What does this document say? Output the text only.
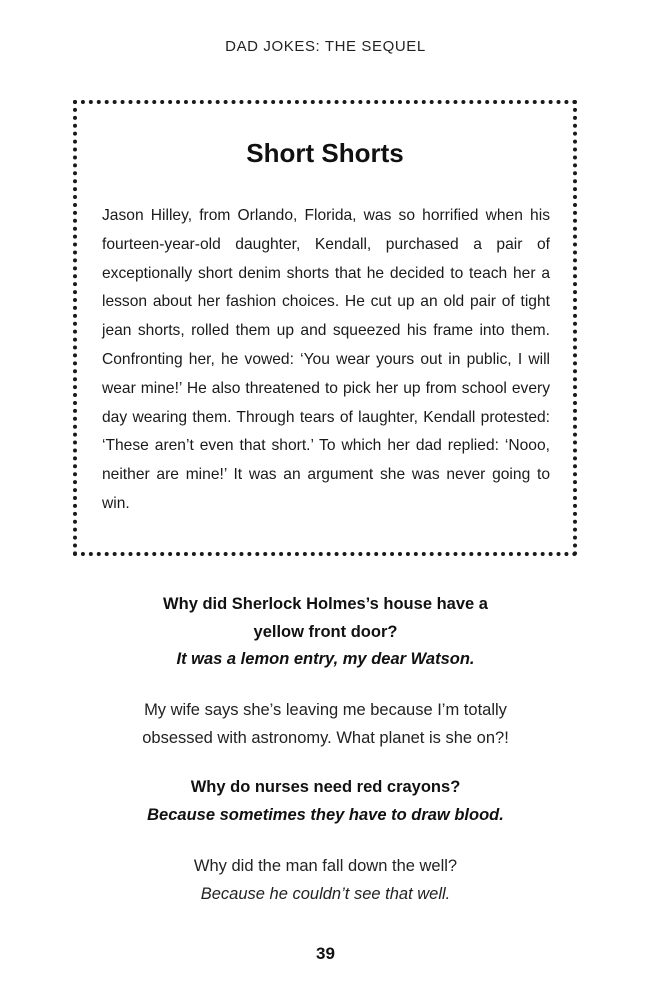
DAD JOKES: THE SEQUEL
Short Shorts
Jason Hilley, from Orlando, Florida, was so horrified when his fourteen-year-old daughter, Kendall, purchased a pair of exceptionally short denim shorts that he decided to teach her a lesson about her fashion choices. He cut up an old pair of tight jean shorts, rolled them up and squeezed his frame into them. Confronting her, he vowed: ‘You wear yours out in public, I will wear mine!’ He also threatened to pick her up from school every day wearing them. Through tears of laughter, Kendall protested: ‘These aren’t even that short.’ To which her dad replied: ‘Nooo, neither are mine!’ It was an argument she was never going to win.
Why did Sherlock Holmes’s house have a
yellow front door?
It was a lemon entry, my dear Watson.
My wife says she’s leaving me because I’m totally
obsessed with astronomy. What planet is she on?!
Why do nurses need red crayons?
Because sometimes they have to draw blood.
Why did the man fall down the well?
Because he couldn’t see that well.
39
